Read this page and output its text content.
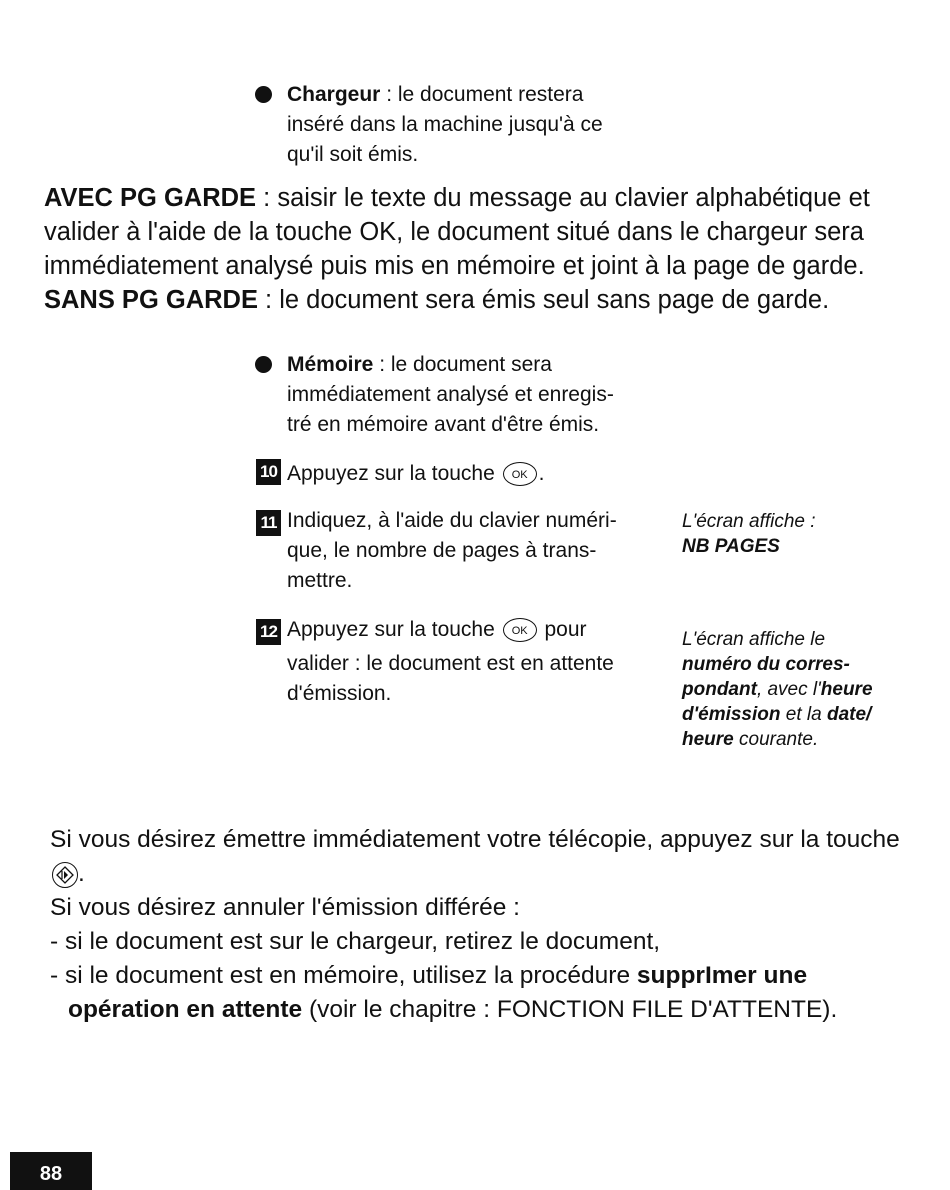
Chargeur : le document restera
inséré dans la machine jusqu'à ce
qu'il soit émis.

AVEC PG GARDE : saisir le texte du message au clavier alphabétique et

valider à l'aide de la touche OK, le document situé dans le chargeur sera

immédiatement analysé puis mis en mémoire et joint à la page de garde.

SANS PG GARDE : le document sera émis seul sans page de garde.

Mémoire : le document sera
immédiatement analysé et enregis-
tré en mémoire avant d'être émis.
10 Appuyez sur la touche OK .
11 Indiquez, à l'aide du clavier numéri-
que, le nombre de pages à trans-
mettre.
L'écran affiche :
NB PAGES
12 Appuyez sur la touche OK pour
valider : le document est en attente
d'émission.
L'écran affiche le
numéro du corres-
pondant, avec l'heure
d'émission et la date/
heure courante.

Si vous désirez émettre immédiatement votre télécopie, appuyez sur la touche

.

Si vous désirez annuler l'émission différée :

- si le document est sur le chargeur, retirez le document,

- si le document est en mémoire, utilisez la procédure supprImer une

opération en attente (voir le chapitre : FONCTION FILE D'ATTENTE).

88
